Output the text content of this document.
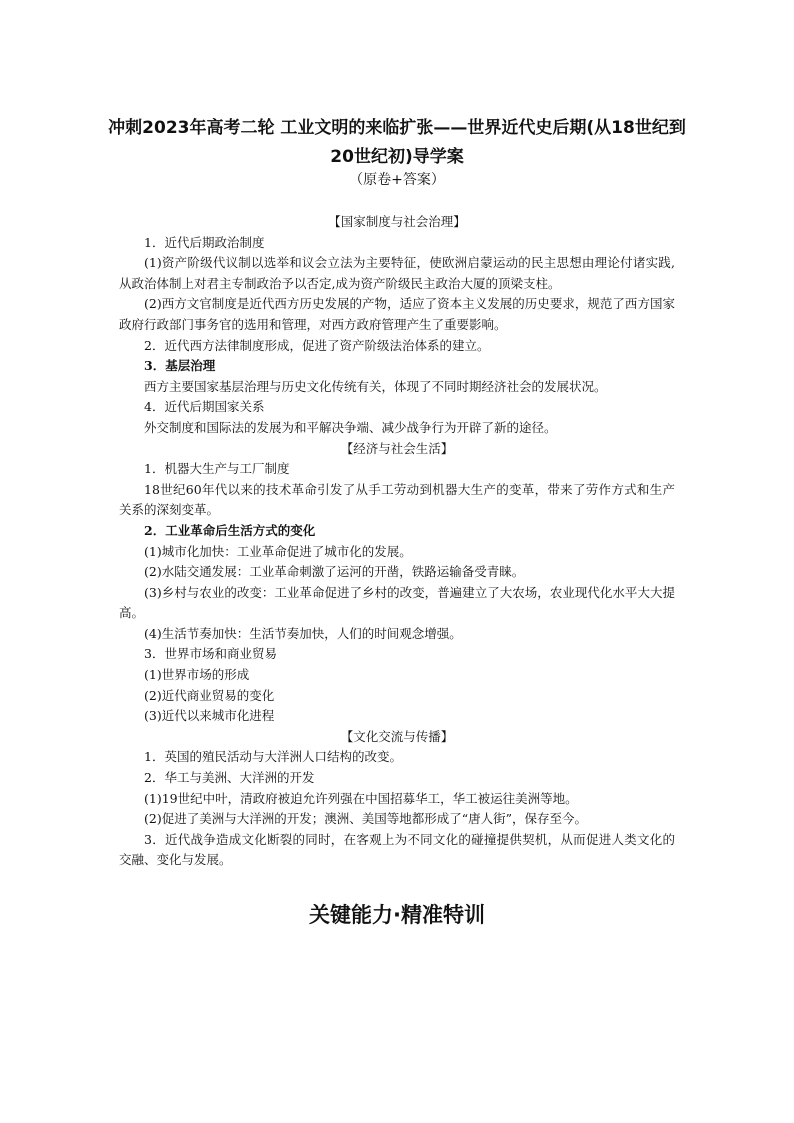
冲刺2023年高考二轮 工业文明的来临扩张——世界近代史后期(从18世纪到20世纪初)导学案
（原卷+答案）

【国家制度与社会治理】

1．近代后期政治制度

(1)资产阶级代议制以选举和议会立法为主要特征，使欧洲启蒙运动的民主思想由理论付诸实践,从政治体制上对君主专制政治予以否定,成为资产阶级民主政治大厦的顶梁支柱。

(2)西方文官制度是近代西方历史发展的产物，适应了资本主义发展的历史要求，规范了西方国家政府行政部门事务官的选用和管理，对西方政府管理产生了重要影响。

2．近代西方法律制度形成，促进了资产阶级法治体系的建立。

3．基层治理

西方主要国家基层治理与历史文化传统有关，体现了不同时期经济社会的发展状况。

4．近代后期国家关系

外交制度和国际法的发展为和平解决争端、减少战争行为开辟了新的途径。

【经济与社会生活】

1．机器大生产与工厂制度

18世纪60年代以来的技术革命引发了从手工劳动到机器大生产的变革，带来了劳作方式和生产关系的深刻变革。

2．工业革命后生活方式的变化

(1)城市化加快：工业革命促进了城市化的发展。

(2)水陆交通发展：工业革命刺激了运河的开凿，铁路运输备受青睐。

(3)乡村与农业的改变：工业革命促进了乡村的改变，普遍建立了大农场，农业现代化水平大大提高。

(4)生活节奏加快：生活节奏加快，人们的时间观念增强。

3．世界市场和商业贸易

(1)世界市场的形成

(2)近代商业贸易的变化

(3)近代以来城市化进程

【文化交流与传播】

1．英国的殖民活动与大洋洲人口结构的改变。

2．华工与美洲、大洋洲的开发

(1)19世纪中叶，清政府被迫允许列强在中国招募华工，华工被运往美洲等地。

(2)促进了美洲与大洋洲的开发；澳洲、美国等地都形成了“唐人街”，保存至今。

3．近代战争造成文化断裂的同时，在客观上为不同文化的碰撞提供契机，从而促进人类文化的交融、变化与发展。

关键能力·精准特训
